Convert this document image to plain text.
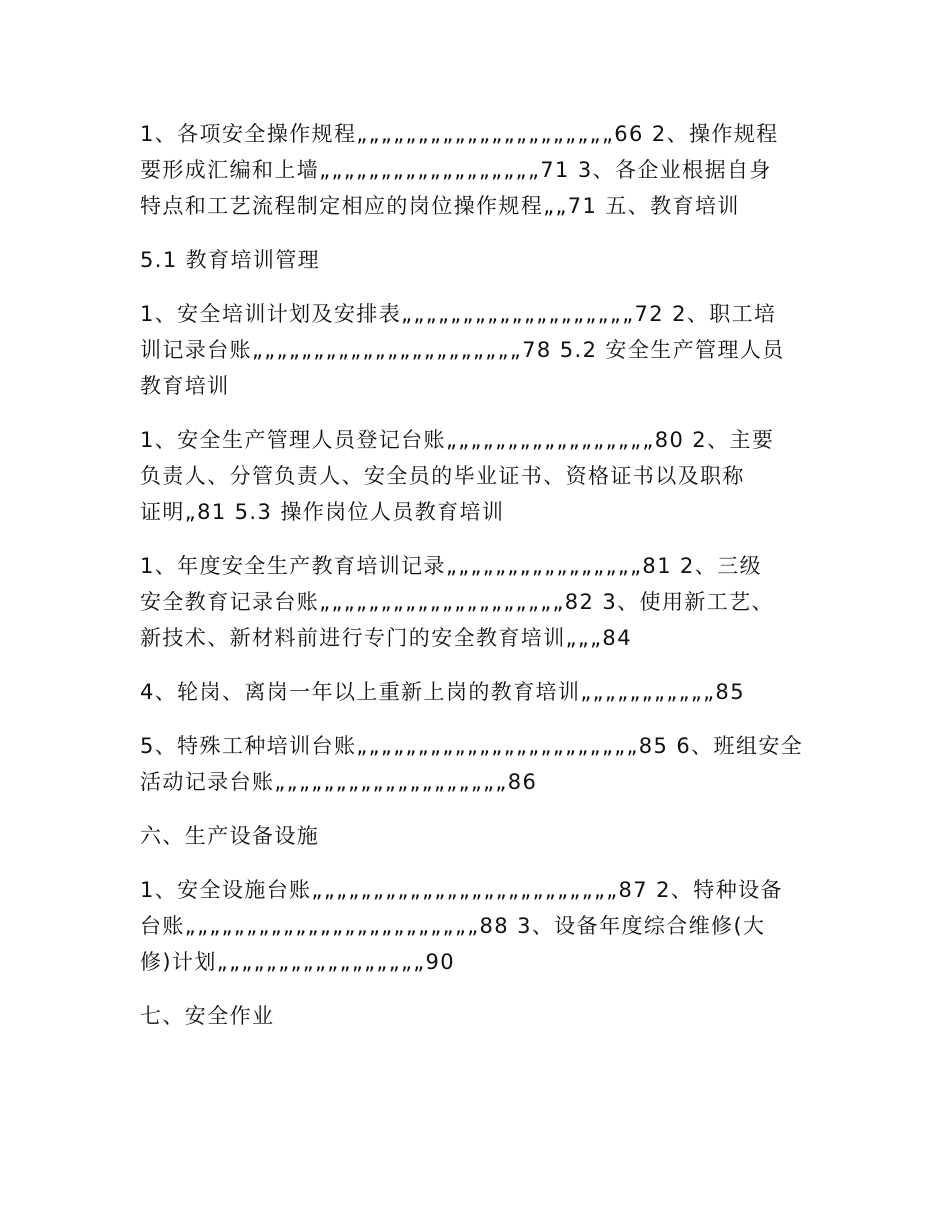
1、各项安全操作规程„„„„„„„„„„„„„„„„„„„„„66 2、操作规程
要形成汇编和上墙„„„„„„„„„„„„„„„„„„71 3、各企业根据自身
特点和工艺流程制定相应的岗位操作规程„„71 五、教育培训

5.1 教育培训管理

1、安全培训计划及安排表„„„„„„„„„„„„„„„„„„„72 2、职工培
训记录台账„„„„„„„„„„„„„„„„„„„„„„78 5.2 安全生产管理人员
教育培训

1、安全生产管理人员登记台账„„„„„„„„„„„„„„„„„80 2、主要
负责人、分管负责人、安全员的毕业证书、资格证书以及职称
证明„81 5.3 操作岗位人员教育培训

1、年度安全生产教育培训记录„„„„„„„„„„„„„„„„81 2、三级
安全教育记录台账„„„„„„„„„„„„„„„„„„„„82 3、使用新工艺、
新技术、新材料前进行专门的安全教育培训„„„84

4、轮岗、离岗一年以上重新上岗的教育培训„„„„„„„„„„„85

5、特殊工种培训台账„„„„„„„„„„„„„„„„„„„„„„„85 6、班组安全
活动记录台账„„„„„„„„„„„„„„„„„„„86

六、生产设备设施

1、安全设施台账„„„„„„„„„„„„„„„„„„„„„„„„„87 2、特种设备
台账„„„„„„„„„„„„„„„„„„„„„„„„88 3、设备年度综合维修(大
修)计划„„„„„„„„„„„„„„„„„90

七、安全作业
